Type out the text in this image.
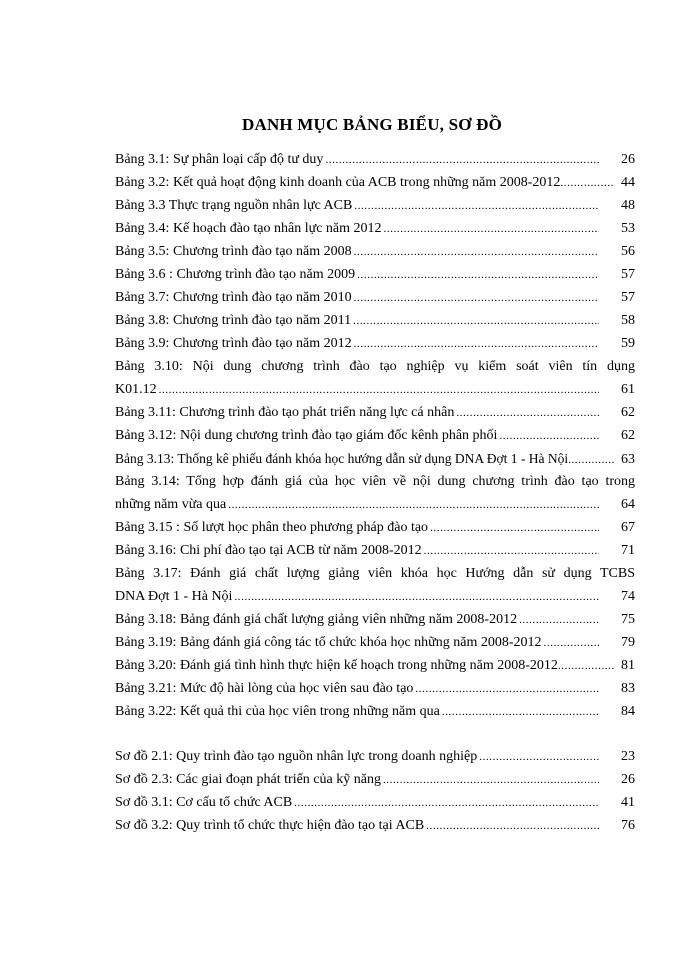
DANH MỤC BẢNG BIỂU, SƠ ĐỒ
Bảng 3.1: Sự phân loại cấp độ tư duy .....	26
Bảng 3.2: Kết quả hoạt động kinh doanh của ACB trong những năm 2008-2012 .....	44
Bảng 3.3 Thực trạng nguồn nhân lực ACB .....	48
Bảng 3.4: Kế hoạch đào tạo nhân lực năm 2012 .....	53
Bảng 3.5: Chương trình đào tạo năm 2008 .....	56
Bảng 3.6 : Chương trình đào tạo năm 2009 .....	57
Bảng 3.7: Chương trình đào tạo năm 2010 .....	57
Bảng 3.8: Chương trình đào tạo năm 2011 .....	58
Bảng 3.9: Chương trình đào tạo năm 2012 .....	59
Bảng 3.10: Nội dung chương trình đào tạo nghiệp vụ kiểm soát viên tín dụng
K01.12 .....	61
Bảng 3.11: Chương trình đào tạo phát triển năng lực cá nhân .....	62
Bảng 3.12: Nội dung chương trình đào tạo giám đốc kênh phân phối .....	62
Bảng 3.13: Thống kê phiếu đánh khóa học hướng dẫn sử dụng DNA Đợt 1 - Hà Nội .....	63
Bảng 3.14: Tổng hợp đánh giá của học viên về nội dung chương trình đào tạo trong
những năm vừa qua .....	64
Bảng 3.15 : Số lượt học phân theo phương pháp đào tạo .....	67
Bảng 3.16: Chi phí đào tạo tại ACB từ năm 2008-2012 .....	71
Bảng 3.17: Đánh giá chất lượng giảng viên khóa học Hướng dẫn sử dụng TCBS
DNA Đợt 1 - Hà Nội .....	74
Bảng 3.18: Bảng đánh giá chất lượng giảng viên những năm 2008-2012 .....	75
Bảng 3.19: Bảng đánh giá công tác tổ chức khóa học những năm 2008-2012 .....	79
Bảng 3.20: Đánh giá tình hình thực hiện kế hoạch trong những năm 2008-2012 .....	81
Bảng 3.21: Mức độ hài lòng của học viên sau đào tạo .....	83
Bảng 3.22: Kết quả thi của học viên trong những năm qua .....	84
Sơ đồ 2.1: Quy trình đào tạo nguồn nhân lực trong doanh nghiệp .....	23
Sơ đồ 2.3: Các giai đoạn phát triển của kỹ năng .....	26
Sơ đồ 3.1: Cơ cấu tổ chức ACB .....	41
Sơ đồ 3.2: Quy trình tổ chức thực hiện đào tạo tại ACB .....	76
